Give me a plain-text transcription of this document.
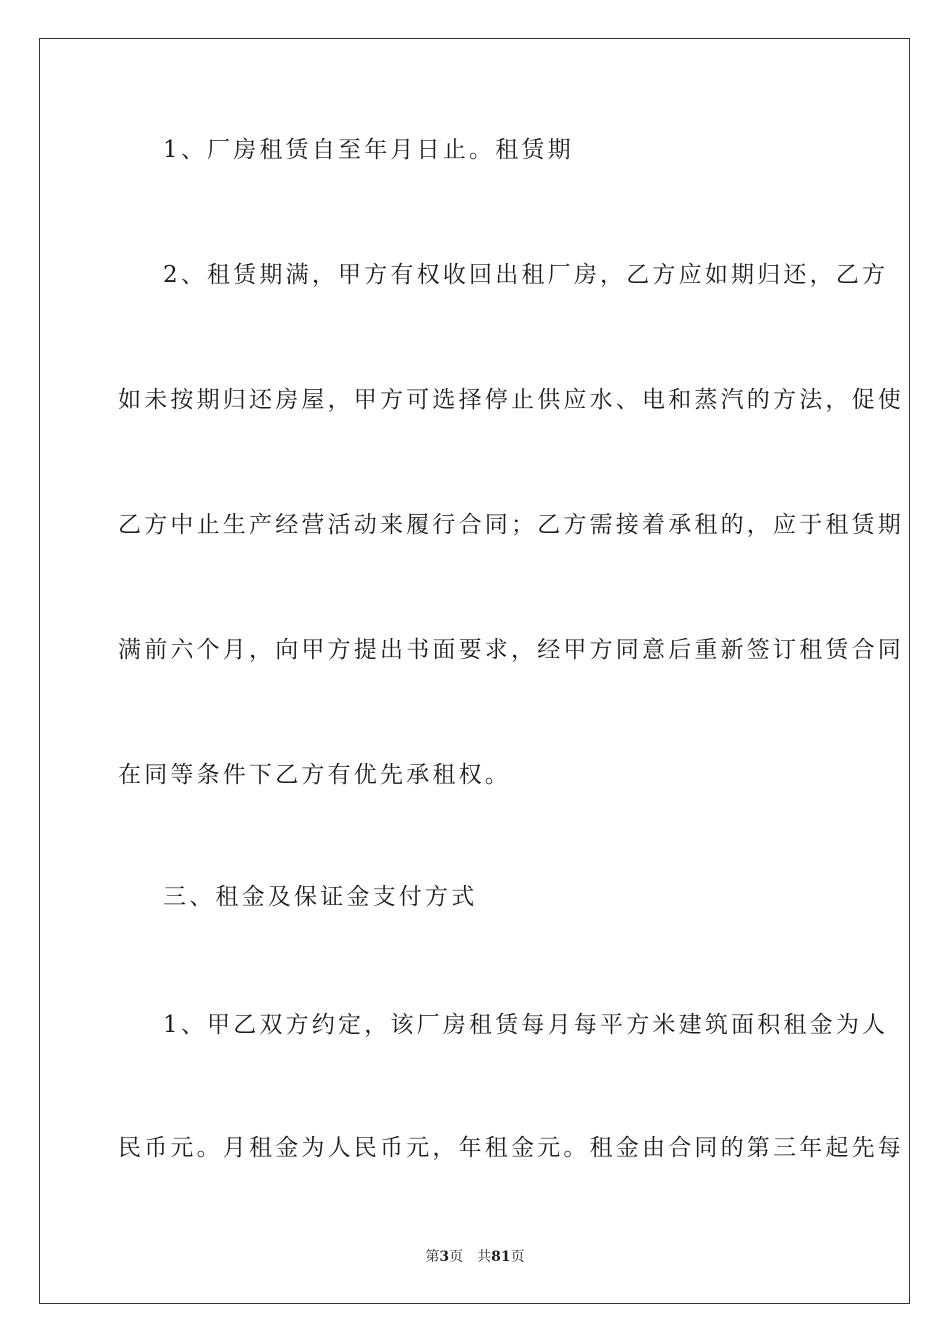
1、厂房租赁自至年月日止。租赁期
2、租赁期满，甲方有权收回出租厂房，乙方应如期归还，乙方
如未按期归还房屋，甲方可选择停止供应水、电和蒸汽的方法，促使
乙方中止生产经营活动来履行合同；乙方需接着承租的，应于租赁期
满前六个月，向甲方提出书面要求，经甲方同意后重新签订租赁合同
在同等条件下乙方有优先承租权。
三、租金及保证金支付方式
1、甲乙双方约定，该厂房租赁每月每平方米建筑面积租金为人
民币元。月租金为人民币元，年租金元。租金由合同的第三年起先每
第3页 共81页
